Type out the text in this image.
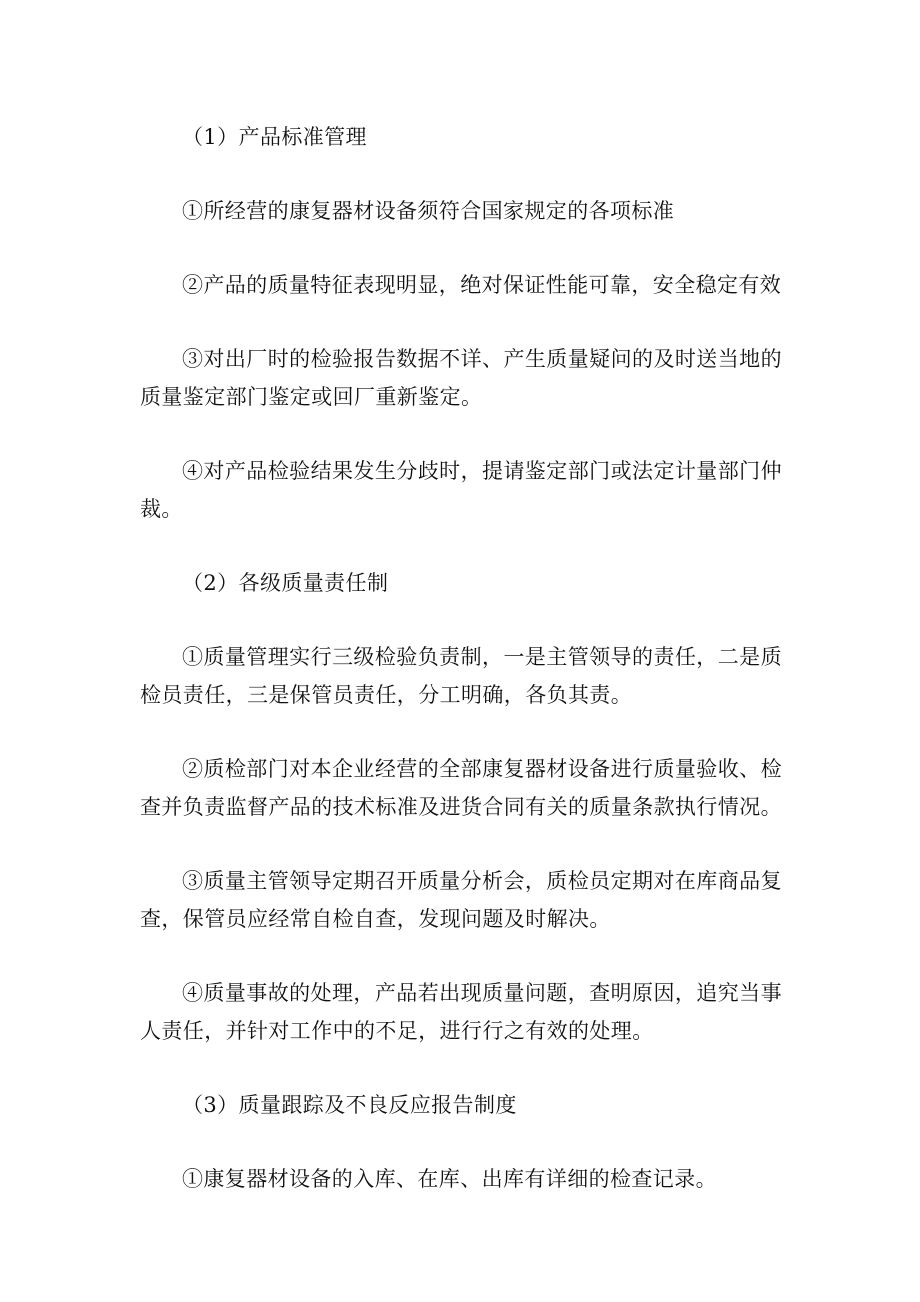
（1）产品标准管理

①所经营的康复器材设备须符合国家规定的各项标准

②产品的质量特征表现明显，绝对保证性能可靠，安全稳定有效

③对出厂时的检验报告数据不详、产生质量疑问的及时送当地的质量鉴定部门鉴定或回厂重新鉴定。

④对产品检验结果发生分歧时，提请鉴定部门或法定计量部门仲裁。

（2）各级质量责任制

①质量管理实行三级检验负责制，一是主管领导的责任，二是质检员责任，三是保管员责任，分工明确，各负其责。

②质检部门对本企业经营的全部康复器材设备进行质量验收、检查并负责监督产品的技术标准及进货合同有关的质量条款执行情况。

③质量主管领导定期召开质量分析会，质检员定期对在库商品复查，保管员应经常自检自查，发现问题及时解决。

④质量事故的处理，产品若出现质量问题，查明原因，追究当事人责任，并针对工作中的不足，进行行之有效的处理。

（3）质量跟踪及不良反应报告制度

①康复器材设备的入库、在库、出库有详细的检查记录。
